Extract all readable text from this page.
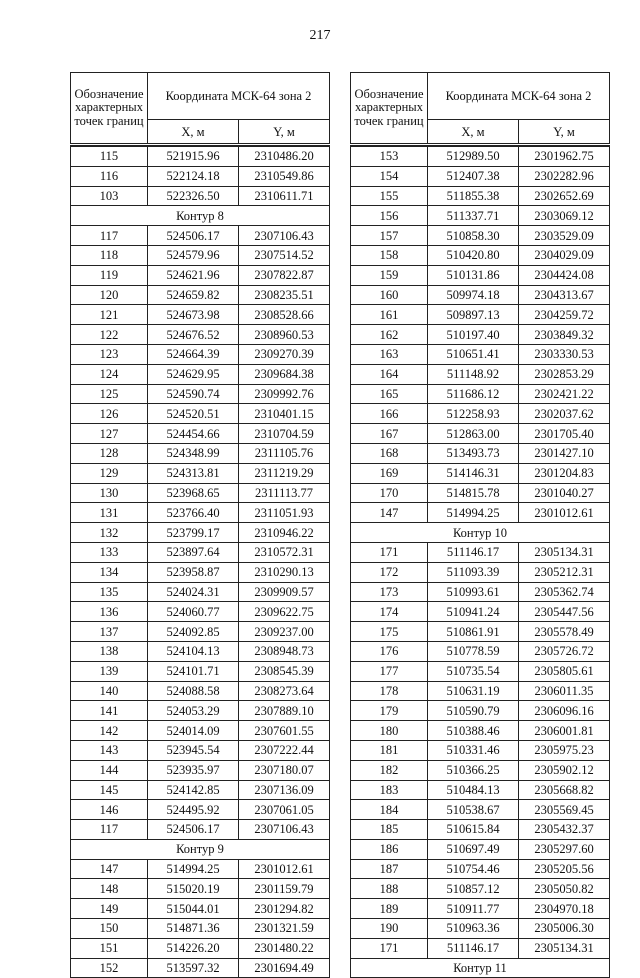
217
Обозначение характерных точек границ	Координата МСК-64 зона 2	
	X, м	Y, м

115	521915.96	2310486.20
116	522124.18	2310549.86
103	522326.50	2310611.71
Контур 8		
117	524506.17	2307106.43
118	524579.96	2307514.52
119	524621.96	2307822.87
120	524659.82	2308235.51
121	524673.98	2308528.66
122	524676.52	2308960.53
123	524664.39	2309270.39
124	524629.95	2309684.38
125	524590.74	2309992.76
126	524520.51	2310401.15
127	524454.66	2310704.59
128	524348.99	2311105.76
129	524313.81	2311219.29
130	523968.65	2311113.77
131	523766.40	2311051.93
132	523799.17	2310946.22
133	523897.64	2310572.31
134	523958.87	2310290.13
135	524024.31	2309909.57
136	524060.77	2309622.75
137	524092.85	2309237.00
138	524104.13	2308948.73
139	524101.71	2308545.39
140	524088.58	2308273.64
141	524053.29	2307889.10
142	524014.09	2307601.55
143	523945.54	2307222.44
144	523935.97	2307180.07
145	524142.85	2307136.09
146	524495.92	2307061.05
117	524506.17	2307106.43
Контур 9		
147	514994.25	2301012.61
148	515020.19	2301159.79
149	515044.01	2301294.82
150	514871.36	2301321.59
151	514226.20	2301480.22
152	513597.32	2301694.49
Обозначение характерных точек границ	Координата МСК-64 зона 2	
	X, м	Y, м

153	512989.50	2301962.75
154	512407.38	2302282.96
155	511855.38	2302652.69
156	511337.71	2303069.12
157	510858.30	2303529.09
158	510420.80	2304029.09
159	510131.86	2304424.08
160	509974.18	2304313.67
161	509897.13	2304259.72
162	510197.40	2303849.32
163	510651.41	2303330.53
164	511148.92	2302853.29
165	511686.12	2302421.22
166	512258.93	2302037.62
167	512863.00	2301705.40
168	513493.73	2301427.10
169	514146.31	2301204.83
170	514815.78	2301040.27
147	514994.25	2301012.61
Контур 10		
171	511146.17	2305134.31
172	511093.39	2305212.31
173	510993.61	2305362.74
174	510941.24	2305447.56
175	510861.91	2305578.49
176	510778.59	2305726.72
177	510735.54	2305805.61
178	510631.19	2306011.35
179	510590.79	2306096.16
180	510388.46	2306001.81
181	510331.46	2305975.23
182	510366.25	2305902.12
183	510484.13	2305668.82
184	510538.67	2305569.45
185	510615.84	2305432.37
186	510697.49	2305297.60
187	510754.46	2305205.56
188	510857.12	2305050.82
189	510911.77	2304970.18
190	510963.36	2305006.30
171	511146.17	2305134.31
Контур 11		
